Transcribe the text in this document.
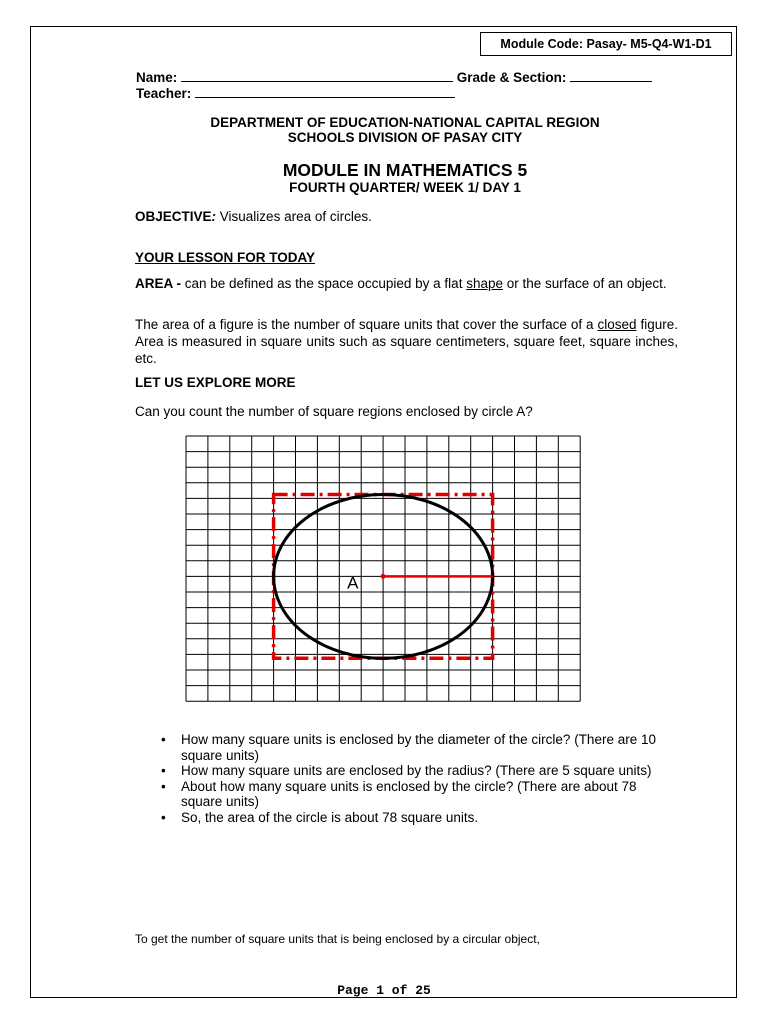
Module Code: Pasay- M5-Q4-W1-D1
Name:	Grade & Section:
Teacher:
DEPARTMENT OF EDUCATION-NATIONAL CAPITAL REGION
SCHOOLS DIVISION OF PASAY CITY
MODULE IN MATHEMATICS 5
FOURTH QUARTER/ WEEK 1/ DAY 1
OBJECTIVE: Visualizes area of circles.
YOUR LESSON FOR TODAY
AREA - can be defined as the space occupied by a flat shape or the surface of an object.
The area of a figure is the number of square units that cover the surface of a closed figure. Area is measured in square units such as square centimeters, square feet, square inches, etc.
LET US EXPLORE MORE
Can you count the number of square regions enclosed by circle A?
A
• How many square units is enclosed by the diameter of the circle? (There are 10 square units)
• How many square units are enclosed by the radius? (There are 5 square units)
• About how many square units is enclosed by the circle? (There are about 78 square units)
• So, the area of the circle is about 78 square units.
To get the number of square units that is being enclosed by a circular object,
Page 1 of 25
